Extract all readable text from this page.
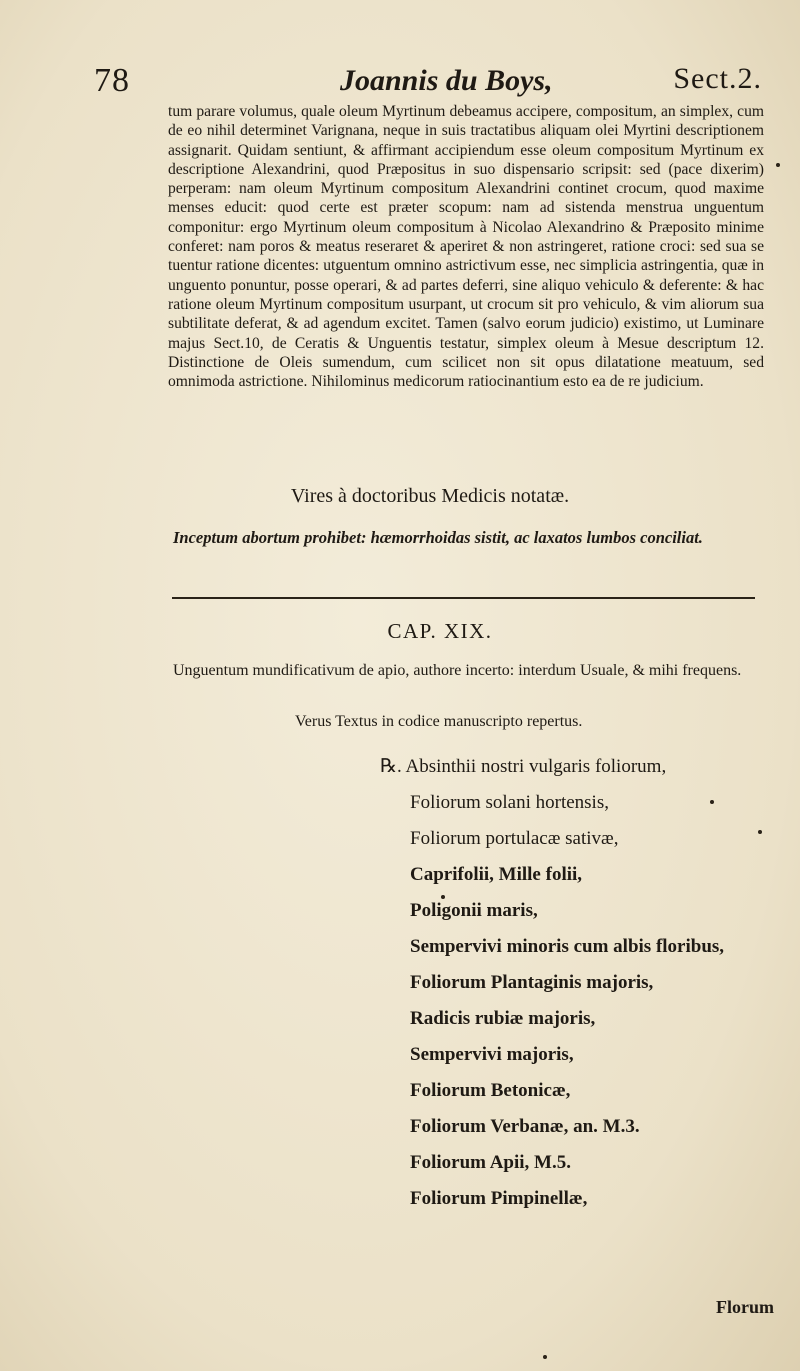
78	Joannis du Boys,	Sect.2.
tum parare volumus, quale oleum Myrtinum debeamus accipere, compositum, an simplex, cum de eo nihil determinet Varignana, neque in suis tractatibus aliquam olei Myrtini descriptionem assignarit. Quidam sentiunt, & affirmant accipiendum esse oleum compositum Myrtinum ex descriptione Alexandrini, quod Præpositus in suo dispensario scripsit: sed (pace dixerim) perperam: nam oleum Myrtinum compositum Alexandrini continet crocum, quod maxime menses educit: quod certe est præter scopum: nam ad sistenda menstrua unguentum componitur: ergo Myrtinum oleum compositum à Nicolao Alexandrino & Præposito minime conferet: nam poros & meatus reseraret & aperiret & non astringeret, ratione croci: sed sua se tuentur ratione dicentes: utguentum omnino astrictivum esse, nec simplicia astringentia, quæ in unguento ponuntur, posse operari, & ad partes deferri, sine aliquo vehiculo & deferente: & hac ratione oleum Myrtinum compositum usurpant, ut crocum sit pro vehiculo, & vim aliorum sua subtilitate deferat, & ad agendum excitet. Tamen (salvo eorum judicio) existimo, ut Luminare majus Sect.10, de Ceratis & Unguentis testatur, simplex oleum à Mesue descriptum 12. Distinctione de Oleis sumendum, cum scilicet non sit opus dilatatione meatuum, sed omnimoda astrictione. Nihilominus medicorum ratiocinantium esto ea de re judicium.
Vires à doctoribus Medicis notatæ.
Inceptum abortum prohibet: hæmorrhoidas sistit, ac laxatos lumbos conciliat.
CAP. XIX.
Unguentum mundificativum de apio, authore incerto: interdum Usuale, & mihi frequens.
Verus Textus in codice manuscripto repertus.
℞. Absinthii nostri vulgaris foliorum,
Foliorum solani hortensis,
Foliorum portulacæ sativæ,
Caprifolii, Mille folii,
Poligonii maris,
Sempervivi minoris cum albis floribus,
Foliorum Plantaginis majoris,
Radicis rubiæ majoris,
Sempervivi majoris,
Foliorum Betonicæ,
Foliorum Verbanæ, an. M.3.
Foliorum Apii, M.5.
Foliorum Pimpinellæ,
Florum
